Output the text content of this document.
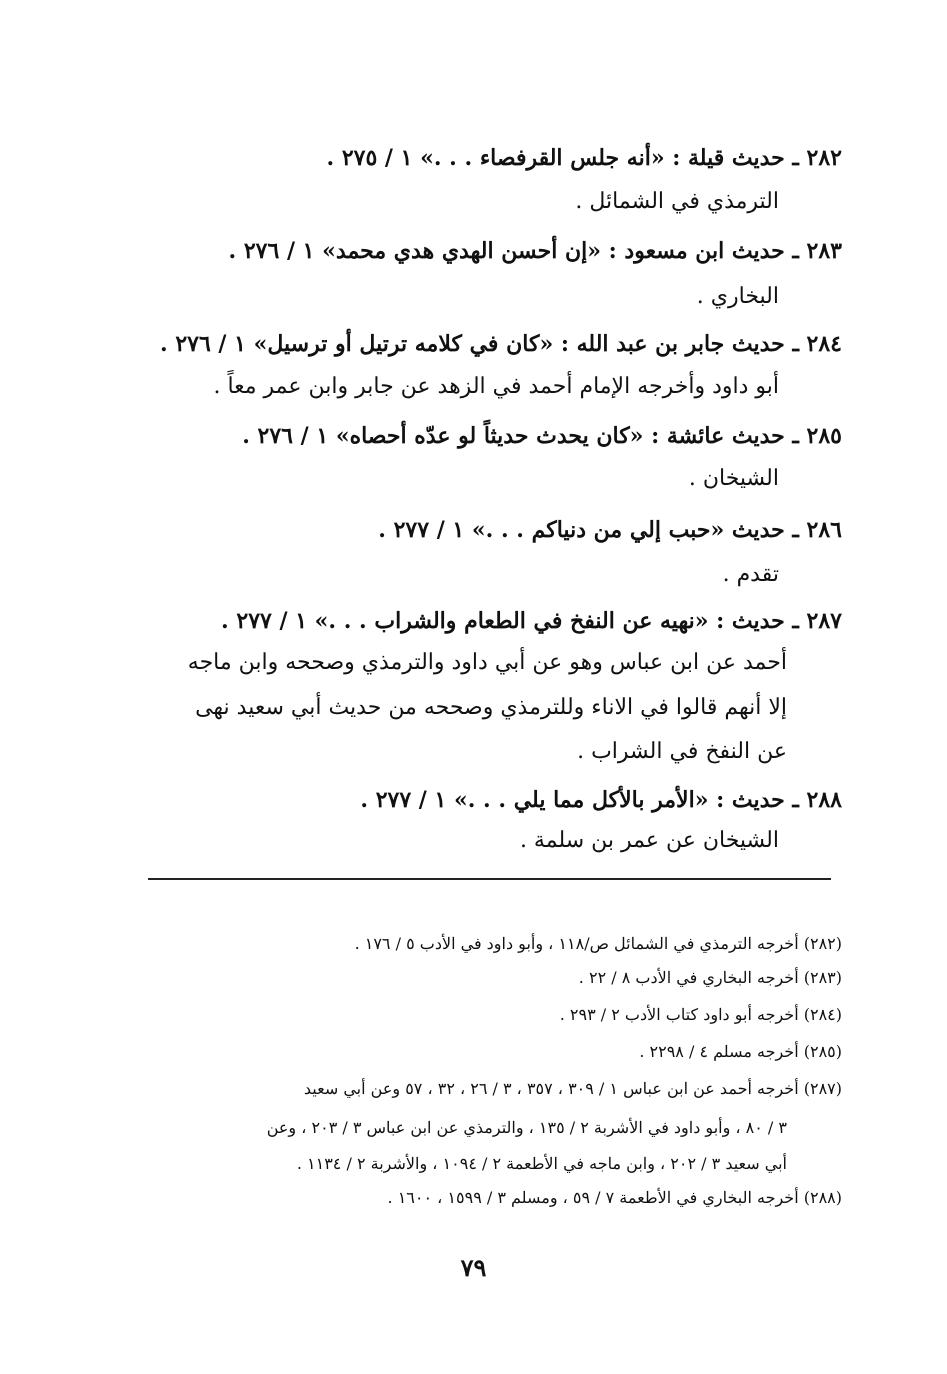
٢٨٢ ـ حديث قيلة : «أنه جلس القرفصاء . . .» ١ / ٢٧٥ .
الترمذي في الشمائل .
٢٨٣ ـ حديث ابن مسعود : «إن أحسن الهدي هدي محمد» ١ / ٢٧٦ .
البخاري .
٢٨٤ ـ حديث جابر بن عبد الله : «كان في كلامه ترتيل أو ترسيل» ١ / ٢٧٦ .
أبو داود وأخرجه الإمام أحمد في الزهد عن جابر وابن عمر معاً .
٢٨٥ ـ حديث عائشة : «كان يحدث حديثاً لو عدّه أحصاه» ١ / ٢٧٦ .
الشيخان .
٢٨٦ ـ حديث «حبب إلي من دنياكم . . .» ١ / ٢٧٧ .
تقدم .
٢٨٧ ـ حديث : «نهيه عن النفخ في الطعام والشراب . . .» ١ / ٢٧٧ .
أحمد عن ابن عباس وهو عن أبي داود والترمذي وصححه وابن ماجه
إلا أنهم قالوا في الاناء وللترمذي وصححه من حديث أبي سعيد نهى
عن النفخ في الشراب .
٢٨٨ ـ حديث : «الأمر بالأكل مما يلي . . .» ١ / ٢٧٧ .
الشيخان عن عمر بن سلمة .
(٢٨٢) أخرجه الترمذي في الشمائل ص/١١٨ ، وأبو داود في الأدب ٥ / ١٧٦ .
(٢٨٣) أخرجه البخاري في الأدب ٨ / ٢٢ .
(٢٨٤) أخرجه أبو داود كتاب الأدب ٢ / ٢٩٣ .
(٢٨٥) أخرجه مسلم ٤ / ٢٢٩٨ .
(٢٨٧) أخرجه أحمد عن ابن عباس ١ / ٣٠٩ ، ٣٥٧ ، ٣ / ٢٦ ، ٣٢ ، ٥٧ وعن أبي سعيد
٣ / ٨٠ ، وأبو داود في الأشربة ٢ / ١٣٥ ، والترمذي عن ابن عباس ٣ / ٢٠٣ ، وعن
أبي سعيد ٣ / ٢٠٢ ، وابن ماجه في الأطعمة ٢ / ١٠٩٤ ، والأشربة ٢ / ١١٣٤ .
(٢٨٨) أخرجه البخاري في الأطعمة ٧ / ٥٩ ، ومسلم ٣ / ١٥٩٩ ، ١٦٠٠ .
٧٩
